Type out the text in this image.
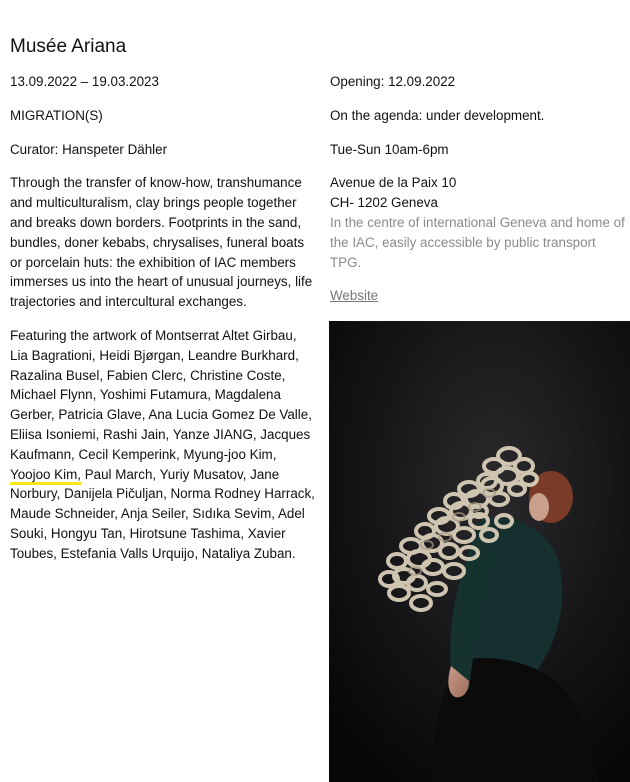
Musée Ariana

13.09.2022 – 19.03.2023

MIGRATION(S)

Curator: Hanspeter Dähler

Through the transfer of know-how, transhumance and multiculturalism, clay brings people together and breaks down borders. Footprints in the sand, bundles, doner kebabs, chrysalises, funeral boats or porcelain huts: the exhibition of IAC members immerses us into the heart of unusual journeys, life trajectories and intercultural exchanges.

Featuring the artwork of Montserrat Altet Girbau, Lia Bagrationi, Heidi Bjørgan, Leandre Burkhard, Razalina Busel, Fabien Clerc, Christine Coste, Michael Flynn, Yoshimi Futamura, Magdalena Gerber, Patricia Glave, Ana Lucia Gomez De Valle, Eliisa Isoniemi, Rashi Jain, Yanze JIANG, Jacques Kaufmann, Cecil Kemperink, Myung-joo Kim, Yoojoo Kim, Paul March, Yuriy Musatov, Jane Norbury, Danijela Pičuljan, Norma Rodney Harrack, Maude Schneider, Anja Seiler, Sıdıka Sevim, Adel Souki, Hongyu Tan, Hirotsune Tashima, Xavier Toubes, Estefania Valls Urquijo, Nataliya Zuban.

Opening: 12.09.2022

On the agenda: under development.

Tue-Sun 10am-6pm

Avenue de la Paix 10

CH- 1202 Geneva

In the centre of international Geneva and home of the IAC, easily accessible by public transport TPG.

Website
